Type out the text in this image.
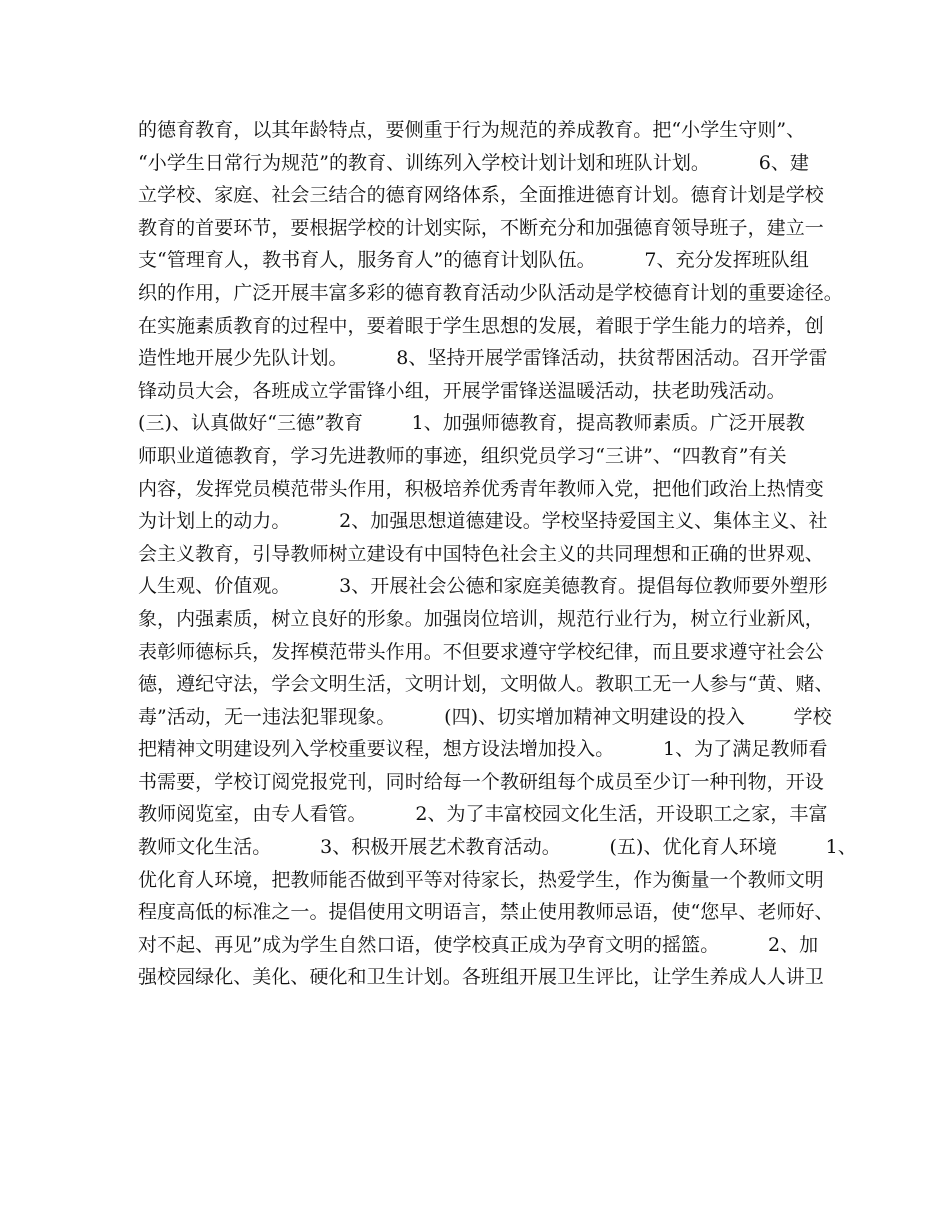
的德育教育，以其年龄特点，要侧重于行为规范的养成教育。把“小学生守则”、
“小学生日常行为规范”的教育、训练列入学校计划计划和班队计划。        6、建
立学校、家庭、社会三结合的德育网络体系，全面推进德育计划。德育计划是学校
教育的首要环节，要根据学校的计划实际，不断充分和加强德育领导班子，建立一
支“管理育人，教书育人，服务育人”的德育计划队伍。        7、充分发挥班队组
织的作用，广泛开展丰富多彩的德育教育活动少队活动是学校德育计划的重要途径。
在实施素质教育的过程中，要着眼于学生思想的发展，着眼于学生能力的培养，创
造性地开展少先队计划。        8、坚持开展学雷锋活动，扶贫帮困活动。召开学雷
锋动员大会，各班成立学雷锋小组，开展学雷锋送温暖活动，扶老助残活动。
(三)、认真做好“三德”教育        1、加强师德教育，提高教师素质。广泛开展教
师职业道德教育，学习先进教师的事迹，组织党员学习“三讲”、“四教育”有关
内容，发挥党员模范带头作用，积极培养优秀青年教师入党，把他们政治上热情变
为计划上的动力。        2、加强思想道德建设。学校坚持爱国主义、集体主义、社
会主义教育，引导教师树立建设有中国特色社会主义的共同理想和正确的世界观、
人生观、价值观。        3、开展社会公德和家庭美德教育。提倡每位教师要外塑形
象，内强素质，树立良好的形象。加强岗位培训，规范行业行为，树立行业新风，
表彰师德标兵，发挥模范带头作用。不但要求遵守学校纪律，而且要求遵守社会公
德，遵纪守法，学会文明生活，文明计划，文明做人。教职工无一人参与“黄、赌、
毒”活动，无一违法犯罪现象。        (四)、切实增加精神文明建设的投入        学校
把精神文明建设列入学校重要议程，想方设法增加投入。        1、为了满足教师看
书需要，学校订阅党报党刊，同时给每一个教研组每个成员至少订一种刊物，开设
教师阅览室，由专人看管。        2、为了丰富校园文化生活，开设职工之家，丰富
教师文化生活。        3、积极开展艺术教育活动。        (五)、优化育人环境        1、
优化育人环境，把教师能否做到平等对待家长，热爱学生，作为衡量一个教师文明
程度高低的标准之一。提倡使用文明语言，禁止使用教师忌语，使“您早、老师好、
对不起、再见”成为学生自然口语，使学校真正成为孕育文明的摇篮。        2、加
强校园绿化、美化、硬化和卫生计划。各班组开展卫生评比，让学生养成人人讲卫
